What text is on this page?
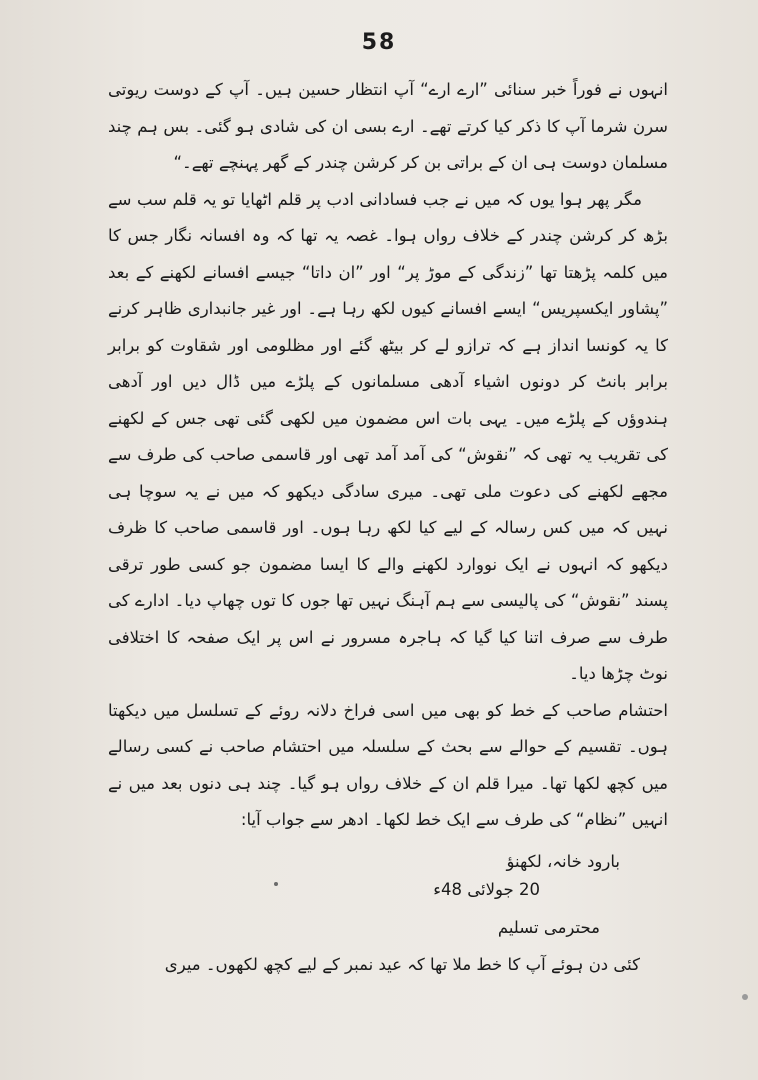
58

انہوں نے فوراً خبر سنائی ”ارے ارے“ آپ انتظار حسین ہیں۔ آپ کے دوست ریوتی سرن شرما آپ کا ذکر کیا کرتے تھے۔ ارے بسی ان کی شادی ہو گئی۔ بس ہم چند مسلمان دوست ہی ان کے براتی بن کر کرشن چندر کے گھر پہنچے تھے۔“

مگر پھر ہوا یوں کہ میں نے جب فسادانی ادب پر قلم اٹھایا تو یہ قلم سب سے بڑھ کر کرشن چندر کے خلاف رواں ہوا۔ غصہ یہ تھا کہ وہ افسانہ نگار جس کا میں کلمہ پڑھتا تھا ”زندگی کے موڑ پر“ اور ”ان داتا“ جیسے افسانے لکھنے کے بعد ”پشاور ایکسپریس“ ایسے افسانے کیوں لکھ رہا ہے۔ اور غیر جانبداری ظاہر کرنے کا یہ کونسا انداز ہے کہ ترازو لے کر بیٹھ گئے اور مظلومی اور شقاوت کو برابر برابر بانٹ کر دونوں اشیاء آدھی مسلمانوں کے پلڑے میں ڈال دیں اور آدھی ہندوؤں کے پلڑے میں۔ یہی بات اس مضمون میں لکھی گئی تھی جس کے لکھنے کی تقریب یہ تھی کہ ”نقوش“ کی آمد آمد تھی اور قاسمی صاحب کی طرف سے مجھے لکھنے کی دعوت ملی تھی۔ میری سادگی دیکھو کہ میں نے یہ سوچا ہی نہیں کہ میں کس رسالہ کے لیے کیا لکھ رہا ہوں۔ اور قاسمی صاحب کا ظرف دیکھو کہ انہوں نے ایک نووارد لکھنے والے کا ایسا مضمون جو کسی طور ترقی پسند ”نقوش“ کی پالیسی سے ہم آہنگ نہیں تھا جوں کا توں چھاپ دیا۔ ادارے کی طرف سے صرف اتنا کیا گیا کہ ہاجرہ مسرور نے اس پر ایک صفحہ کا اختلافی نوٹ چڑھا دیا۔

احتشام صاحب کے خط کو بھی میں اسی فراخ دلانہ روئے کے تسلسل میں دیکھتا ہوں۔ تقسیم کے حوالے سے بحث کے سلسلہ میں احتشام صاحب نے کسی رسالے میں کچھ لکھا تھا۔ میرا قلم ان کے خلاف رواں ہو گیا۔ چند ہی دنوں بعد میں نے انہیں ”نظام“ کی طرف سے ایک خط لکھا۔ ادھر سے جواب آیا:

بارود خانہ، لکھنؤ
20 جولائی 48ء
محترمی تسلیم
کئی دن ہوئے آپ کا خط ملا تھا کہ عید نمبر کے لیے کچھ لکھوں۔ میری
